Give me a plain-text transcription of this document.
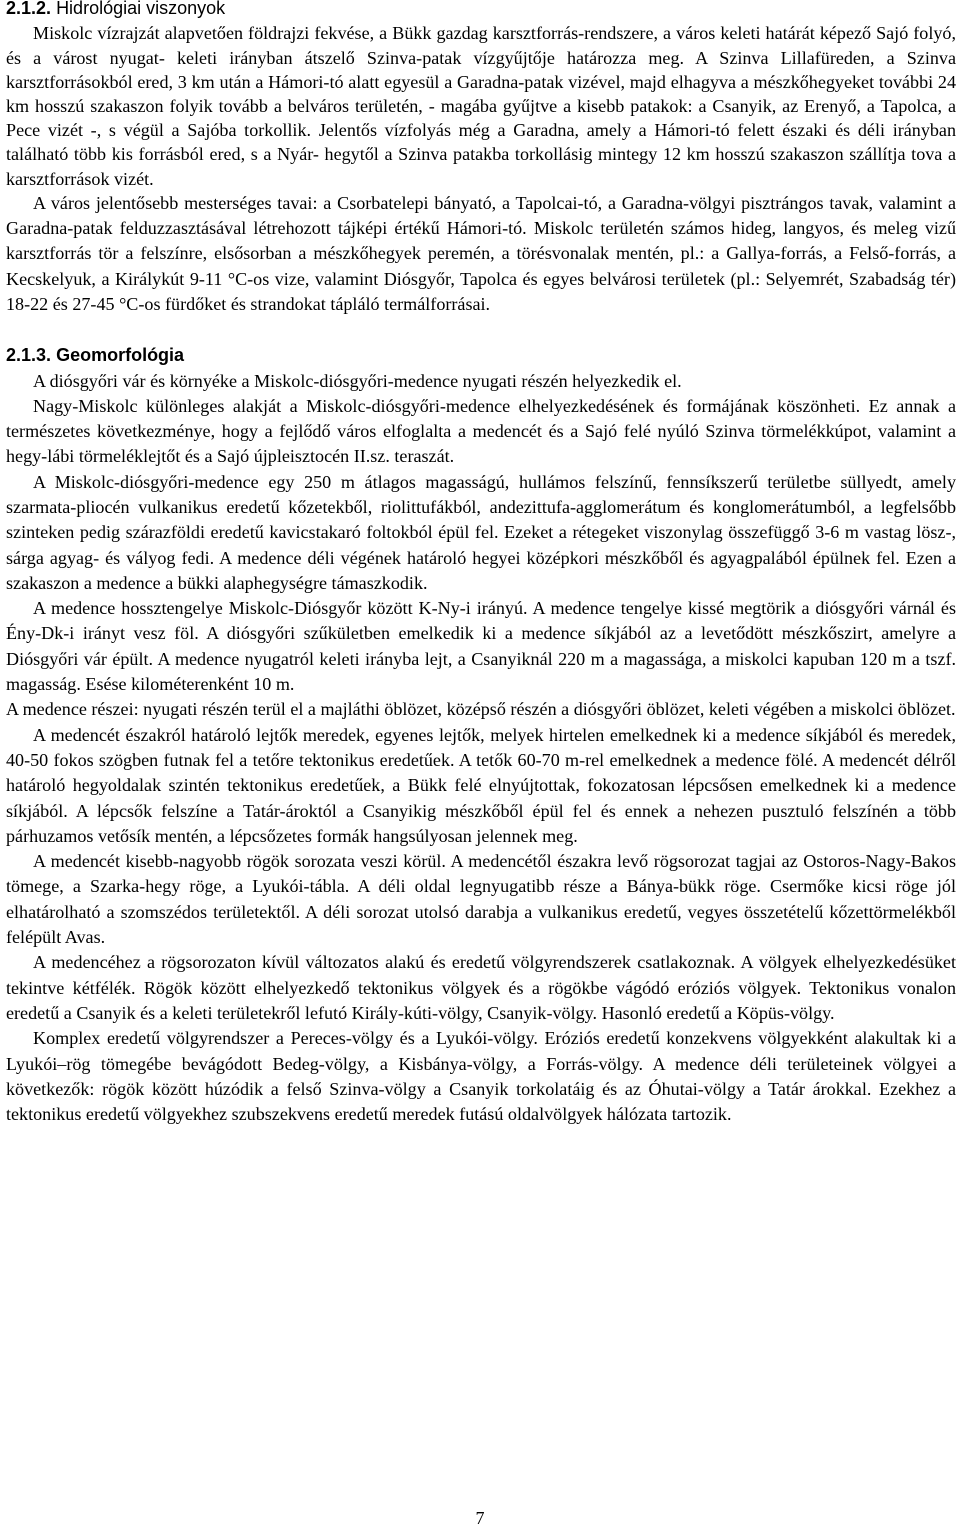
2.1.2. Hidrológiai viszonyok

Miskolc vízrajzát alapvetően földrajzi fekvése, a Bükk gazdag karsztforrás-rendszere, a város keleti határát képező Sajó folyó, és a várost nyugat- keleti irányban átszelő Szinva-patak vízgyűjtője határozza meg. A Szinva Lillafüreden, a Szinva karsztforrásokból ered, 3 km után a Hámori-tó alatt egyesül a Garadna-patak vizével, majd elhagyva a mészkőhegyeket további 24 km hosszú szakaszon folyik tovább a belváros területén, - magába gyűjtve a kisebb patakok: a Csanyik, az Erenyő, a Tapolca, a Pece vizét -, s végül a Sajóba torkollik. Jelentős vízfolyás még a Garadna, amely a Hámori-tó felett északi és déli irányban található több kis forrásból ered, s a Nyár- hegytől a Szinva patakba torkollásig mintegy 12 km hosszú szakaszon szállítja tova a karsztforrások vizét.

A város jelentősebb mesterséges tavai: a Csorbatelepi bányató, a Tapolcai-tó, a Garadna-völgyi pisztrángos tavak, valamint a Garadna-patak felduzzasztásával létrehozott tájképi értékű Hámori-tó. Miskolc területén számos hideg, langyos, és meleg vizű karsztforrás tör a felszínre, elsősorban a mészkőhegyek peremén, a törésvonalak mentén, pl.: a Gallya-forrás, a Felső-forrás, a Kecskelyuk, a Királykút 9-11 °C-os vize, valamint Diósgyőr, Tapolca és egyes belvárosi területek (pl.: Selyemrét, Szabadság tér) 18-22 és 27-45 °C-os fürdőket és strandokat tápláló termálforrásai.

2.1.3. Geomorfológia

A diósgyőri vár és környéke a Miskolc-diósgyőri-medence nyugati részén helyezkedik el.

Nagy-Miskolc különleges alakját a Miskolc-diósgyőri-medence elhelyezkedésének és formájának köszönheti. Ez annak a természetes következménye, hogy a fejlődő város elfoglalta a medencét és a Sajó felé nyúló Szinva törmelékkúpot, valamint a hegy-lábi törmeléklejtőt és a Sajó újpleisztocén II.sz. teraszát.

A Miskolc-diósgyőri-medence egy 250 m átlagos magasságú, hullámos felszínű, fennsíkszerű területbe süllyedt, amely szarmata-pliocén vulkanikus eredetű kőzetekből, riolittufákból, andezittufa-agglomerátum és konglomerátumból, a legfelsőbb szinteken pedig szárazföldi eredetű kavicstakaró foltokból épül fel. Ezeket a rétegeket viszonylag összefüggő 3-6 m vastag lösz-, sárga agyag- és vályog fedi. A medence déli végének határoló hegyei középkori mészkőből és agyagpalából épülnek fel. Ezen a szakaszon a medence a bükki alaphegységre támaszkodik.

A medence hossztengelye Miskolc-Diósgyőr között K-Ny-i irányú. A medence tengelye kissé megtörik a diósgyőri várnál és Ény-Dk-i irányt vesz föl. A diósgyőri szűkületben emelkedik ki a medence síkjából az a levetődött mészkőszirt, amelyre a Diósgyőri vár épült. A medence nyugatról keleti irányba lejt, a Csanyiknál 220 m a magassága, a miskolci kapuban 120 m a tszf. magasság. Esése kilométerenként 10 m.

A medence részei: nyugati részén terül el a majláthi öblözet, középső részén a diósgyőri öblözet, keleti végében a miskolci öblözet.

A medencét északról határoló lejtők meredek, egyenes lejtők, melyek hirtelen emelkednek ki a medence síkjából és meredek, 40-50 fokos szögben futnak fel a tetőre tektonikus eredetűek. A tetők 60-70 m-rel emelkednek a medence fölé. A medencét délről határoló hegyoldalak szintén tektonikus eredetűek, a Bükk felé elnyújtottak, fokozatosan lépcsősen emelkednek ki a medence síkjából. A lépcsők felszíne a Tatár-ároktól a Csanyikig mészkőből épül fel és ennek a nehezen pusztuló felszínén a több párhuzamos vetősík mentén, a lépcsőzetes formák hangsúlyosan jelennek meg.

A medencét kisebb-nagyobb rögök sorozata veszi körül. A medencétől északra levő rögsorozat tagjai az Ostoros-Nagy-Bakos tömege, a Szarka-hegy röge, a Lyukói-tábla. A déli oldal legnyugatibb része a Bánya-bükk röge. Csermőke kicsi röge jól elhatárolható a szomszédos területektől. A déli sorozat utolsó darabja a vulkanikus eredetű, vegyes összetételű kőzettörmelékből felépült Avas.

A medencéhez a rögsorozaton kívül változatos alakú és eredetű völgyrendszerek csatlakoznak. A völgyek elhelyezkedésüket tekintve kétfélék. Rögök között elhelyezkedő tektonikus völgyek és a rögökbe vágódó eróziós völgyek. Tektonikus vonalon eredetű a Csanyik és a keleti területekről lefutó Király-kúti-völgy, Csanyik-völgy. Hasonló eredetű a Köpüs-völgy.

Komplex eredetű völgyrendszer a Pereces-völgy és a Lyukói-völgy. Eróziós eredetű konzekvens völgyekként alakultak ki a Lyukói–rög tömegébe bevágódott Bedeg-völgy, a Kisbánya-völgy, a Forrás-völgy. A medence déli területeinek völgyei a következők: rögök között húzódik a felső Szinva-völgy a Csanyik torkolatáig és az Óhutai-völgy a Tatár árokkal. Ezekhez a tektonikus eredetű völgyekhez szubszekvens eredetű meredek futású oldalvölgyek hálózata tartozik.

7
